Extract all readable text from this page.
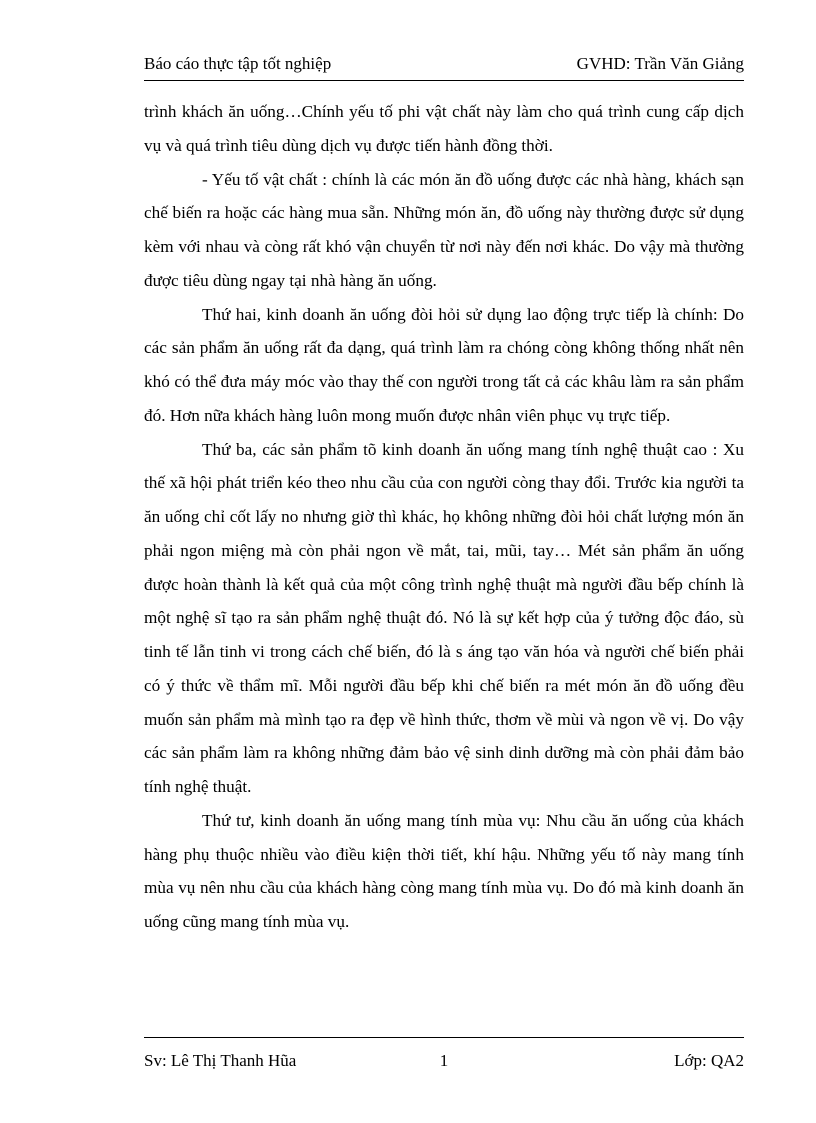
Báo cáo thực tập tốt nghiệp	GVHD: Trần Văn Giảng

trình khách ăn uống…Chính yếu tố phi vật chất này làm cho quá trình cung cấp dịch vụ và quá trình tiêu dùng dịch vụ được tiến hành đồng thời.

- Yếu tố vật chất : chính là các món ăn đồ uống được các nhà hàng, khách sạn chế biến ra hoặc các hàng mua sẵn. Những món ăn, đồ uống này thường được sử dụng kèm với nhau và còng rất khó vận chuyển từ nơi này đến nơi khác. Do vậy mà thường được tiêu dùng ngay tại nhà hàng ăn uống.

Thứ hai, kinh doanh ăn uống đòi hỏi sử dụng lao động trực tiếp là chính: Do các sản phẩm ăn uống rất đa dạng, quá trình làm ra chóng còng không thống nhất nên khó có thể đưa máy móc vào thay thế con người trong tất cả các khâu làm ra sản phẩm đó. Hơn nữa khách hàng luôn mong muốn được nhân viên phục vụ trực tiếp.

Thứ ba, các sản phẩm tõ kinh doanh ăn uống mang tính nghệ thuật cao : Xu thế xã hội phát triển kéo theo nhu cầu của con người còng thay đổi. Trước kia người ta ăn uống chỉ cốt lấy no nhưng giờ thì khác, họ không những đòi hỏi chất lượng món ăn phải ngon miệng mà còn phải ngon về mắt, tai, mũi, tay… Mét sản phẩm ăn uống được hoàn thành là kết quả của một công trình nghệ thuật mà người đầu bếp chính là một nghệ sĩ tạo ra sản phẩm nghệ thuật đó. Nó là sự kết hợp của ý tưởng độc đáo, sù tinh tế lẫn tinh vi trong cách chế biến, đó là s áng tạo văn hóa và người chế biến phải có ý thức về thẩm mĩ. Mỗi người đầu bếp khi chế biến ra mét món ăn đồ uống đều muốn sản phẩm mà mình tạo ra đẹp về hình thức, thơm về mùi và ngon về vị. Do vậy các sản phẩm làm ra không những đảm bảo vệ sinh dinh dưỡng mà còn phải đảm bảo tính nghệ thuật.

Thứ tư, kinh doanh ăn uống mang tính mùa vụ: Nhu cầu ăn uống của khách hàng phụ thuộc nhiều vào điều kiện thời tiết, khí hậu. Những yếu tố này mang tính mùa vụ nên nhu cầu của khách hàng còng mang tính mùa vụ. Do đó mà kinh doanh ăn uống cũng mang tính mùa vụ.

Sv: Lê Thị Thanh Hũa	1	Lớp: QA2
